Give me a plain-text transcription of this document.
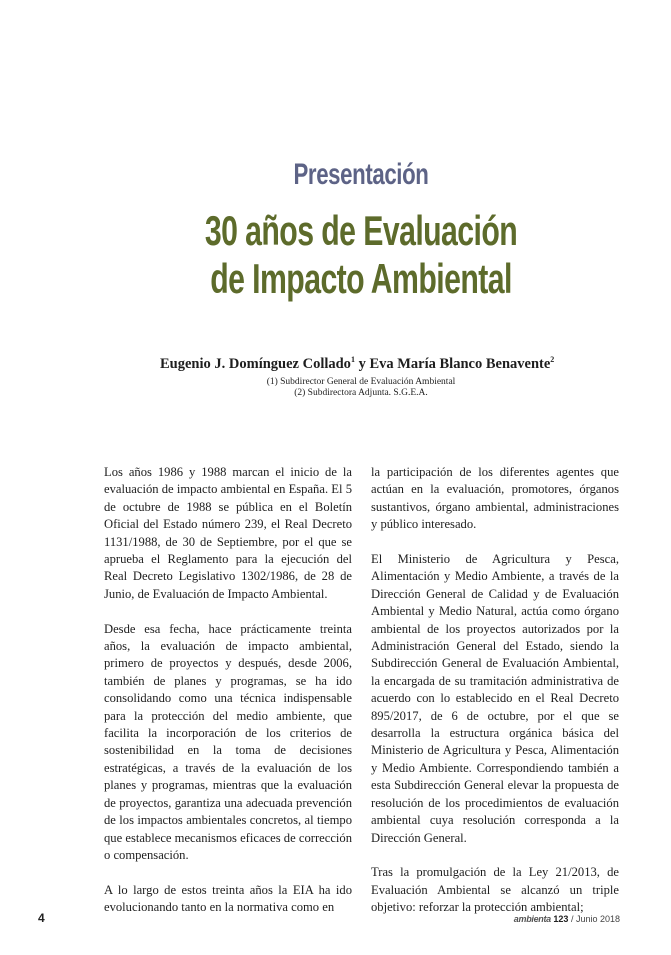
Presentación
30 años de Evaluación
de Impacto Ambiental
Eugenio J. Domínguez Collado$^1$ y Eva María Blanco Benavente$^2$
(1) Subdirector General de Evaluación Ambiental
(2) Subdirectora Adjunta. S.G.E.A.

Los años 1986 y 1988 marcan el inicio de la evaluación de impacto ambiental en España. El 5 de octubre de 1988 se pública en el Boletín Oficial del Estado número 239, el Real Decreto 1131/1988, de 30 de Septiembre, por el que se aprueba el Reglamento para la ejecución del Real Decreto Legislativo 1302/1986, de 28 de Junio, de Evaluación de Impacto Ambiental.

Desde esa fecha, hace prácticamente treinta años, la evaluación de impacto ambiental, primero de proyectos y después, desde 2006, también de planes y programas, se ha ido consolidando como una técnica indispensable para la protección del medio ambiente, que facilita la incorporación de los criterios de sostenibilidad en la toma de decisiones estratégicas, a través de la evaluación de los planes y programas, mientras que la evaluación de proyectos, garantiza una adecuada prevención de los impactos ambientales concretos, al tiempo que establece mecanismos eficaces de corrección o compensación.

A lo largo de estos treinta años la EIA ha ido evolucionando tanto en la normativa como en

la participación de los diferentes agentes que actúan en la evaluación, promotores, órganos sustantivos, órgano ambiental, administraciones y público interesado.

El Ministerio de Agricultura y Pesca, Alimentación y Medio Ambiente, a través de la Dirección General de Calidad y de Evaluación Ambiental y Medio Natural, actúa como órgano ambiental de los proyectos autorizados por la Administración General del Estado, siendo la Subdirección General de Evaluación Ambiental, la encargada de su tramitación administrativa de acuerdo con lo establecido en el Real Decreto 895/2017, de 6 de octubre, por el que se desarrolla la estructura orgánica básica del Ministerio de Agricultura y Pesca, Alimentación y Medio Ambiente. Correspondiendo también a esta Subdirección General elevar la propuesta de resolución de los procedimientos de evaluación ambiental cuya resolución corresponda a la Dirección General.

Tras la promulgación de la Ley 21/2013, de Evaluación Ambiental se alcanzó un triple objetivo: reforzar la protección ambiental;

4	ambienta 123 / Junio 2018
